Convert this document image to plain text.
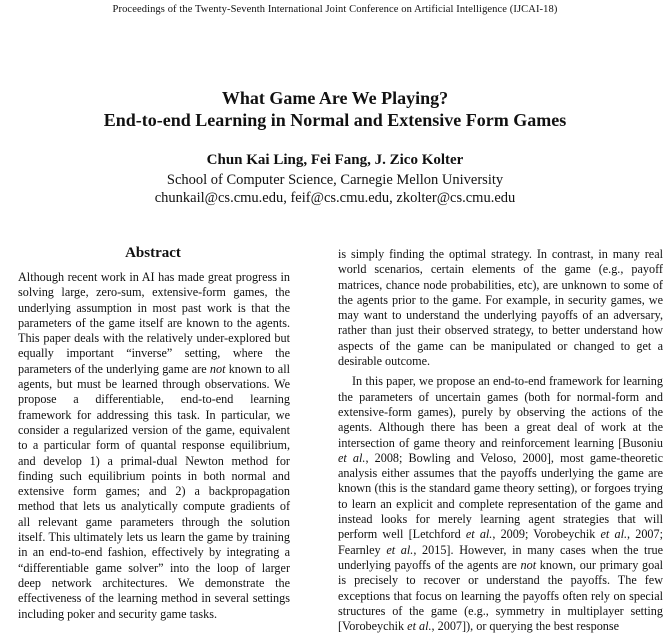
Proceedings of the Twenty-Seventh International Joint Conference on Artificial Intelligence (IJCAI-18)
What Game Are We Playing?
End-to-end Learning in Normal and Extensive Form Games
Chun Kai Ling, Fei Fang, J. Zico Kolter
School of Computer Science, Carnegie Mellon University
chunkail@cs.cmu.edu, feif@cs.cmu.edu, zkolter@cs.cmu.edu
Abstract

Although recent work in AI has made great progress in solving large, zero-sum, extensive-form games, the underlying assumption in most past work is that the parameters of the game itself are known to the agents. This paper deals with the relatively under-explored but equally important “inverse” setting, where the parameters of the underlying game are not known to all agents, but must be learned through observations. We propose a differentiable, end-to-end learning framework for addressing this task. In particular, we consider a regularized version of the game, equivalent to a particular form of quantal response equilibrium, and develop 1) a primal-dual Newton method for finding such equilibrium points in both normal and extensive form games; and 2) a backpropagation method that lets us analytically compute gradients of all relevant game parameters through the solution itself. This ultimately lets us learn the game by training in an end-to-end fashion, effectively by integrating a “differentiable game solver” into the loop of larger deep network architectures. We demonstrate the effectiveness of the learning method in several settings including poker and security game tasks.

is simply finding the optimal strategy. In contrast, in many real world scenarios, certain elements of the game (e.g., payoff matrices, chance node probabilities, etc), are unknown to some of the agents prior to the game. For example, in security games, we may want to understand the underlying payoffs of an adversary, rather than just their observed strategy, to better understand how aspects of the game can be manipulated or changed to get a desirable outcome.

In this paper, we propose an end-to-end framework for learning the parameters of uncertain games (both for normal-form and extensive-form games), purely by observing the actions of the agents. Although there has been a great deal of work at the intersection of game theory and reinforcement learning [Busoniu et al., 2008; Bowling and Veloso, 2000], most game-theoretic analysis either assumes that the payoffs underlying the game are known (this is the standard game theory setting), or forgoes trying to learn an explicit and complete representation of the game and instead looks for merely learning agent strategies that will perform well [Letchford et al., 2009; Vorobeychik et al., 2007; Fearnley et al., 2015]. However, in many cases when the true underlying payoffs of the agents are not known, our primary goal is precisely to recover or understand the payoffs. The few exceptions that focus on learning the payoffs often rely on special structures of the game (e.g., symmetry in multiplayer setting [Vorobeychik et al., 2007]), or querying the best response
